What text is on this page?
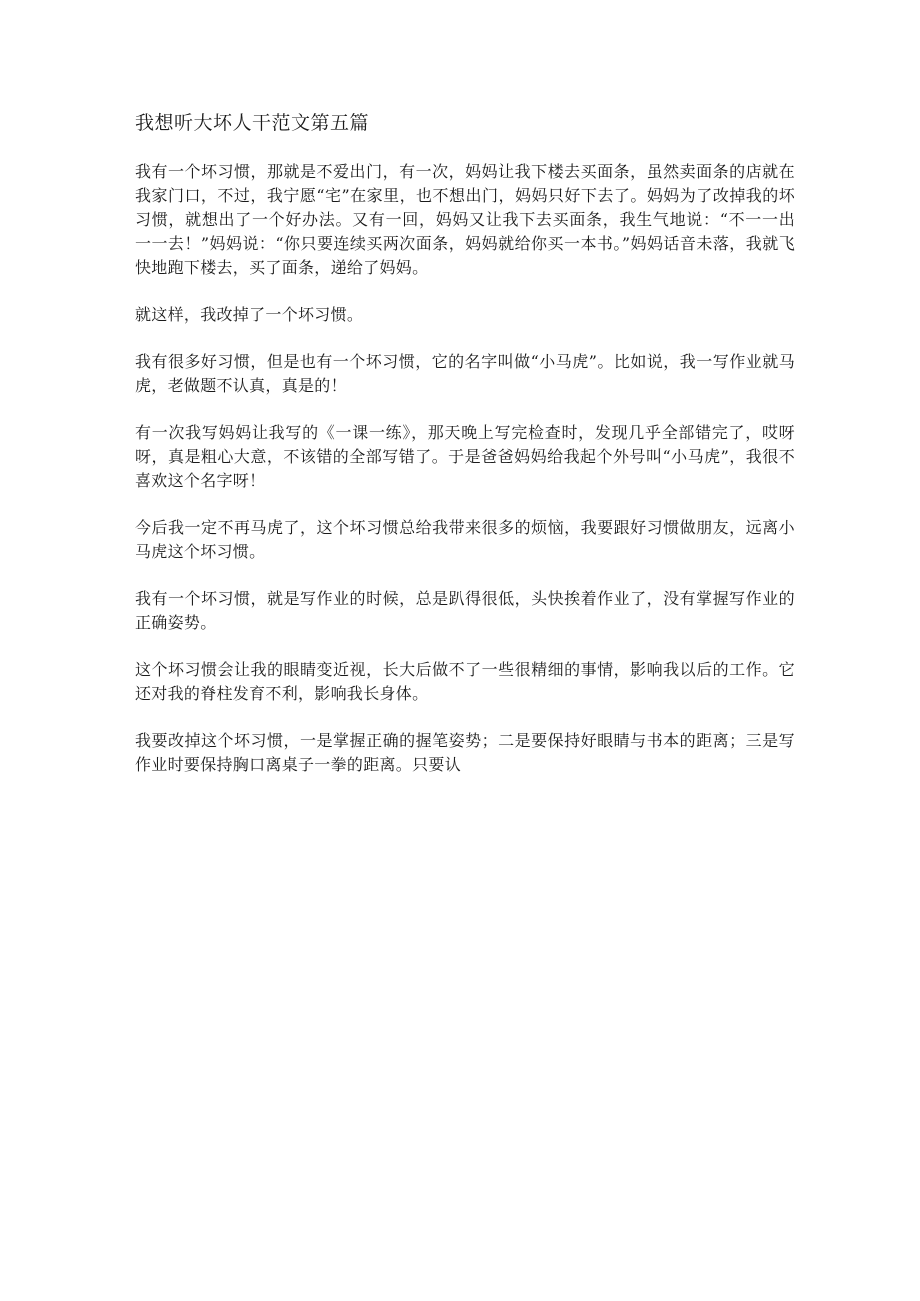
我想听大坏人干范文第五篇

我有一个坏习惯，那就是不爱出门，有一次，妈妈让我下楼去买面条，虽然卖面条的店就在我家门口，不过，我宁愿“宅”在家里，也不想出门，妈妈只好下去了。妈妈为了改掉我的坏习惯，就想出了一个好办法。又有一回，妈妈又让我下去买面条，我生气地说：“不一一出一一去！”妈妈说：“你只要连续买两次面条，妈妈就给你买一本书。”妈妈话音未落，我就飞快地跑下楼去，买了面条，递给了妈妈。

就这样，我改掉了一个坏习惯。

我有很多好习惯，但是也有一个坏习惯，它的名字叫做“小马虎”。比如说，我一写作业就马虎，老做题不认真，真是的！

有一次我写妈妈让我写的《一课一练》，那天晚上写完检查时，发现几乎全部错完了，哎呀呀，真是粗心大意，不该错的全部写错了。于是爸爸妈妈给我起个外号叫“小马虎”，我很不喜欢这个名字呀！

今后我一定不再马虎了，这个坏习惯总给我带来很多的烦恼，我要跟好习惯做朋友，远离小马虎这个坏习惯。

我有一个坏习惯，就是写作业的时候，总是趴得很低，头快挨着作业了，没有掌握写作业的正确姿势。

这个坏习惯会让我的眼睛变近视，长大后做不了一些很精细的事情，影响我以后的工作。它还对我的脊柱发育不利，影响我长身体。

我要改掉这个坏习惯，一是掌握正确的握笔姿势；二是要保持好眼睛与书本的距离；三是写作业时要保持胸口离桌子一拳的距离。只要认
